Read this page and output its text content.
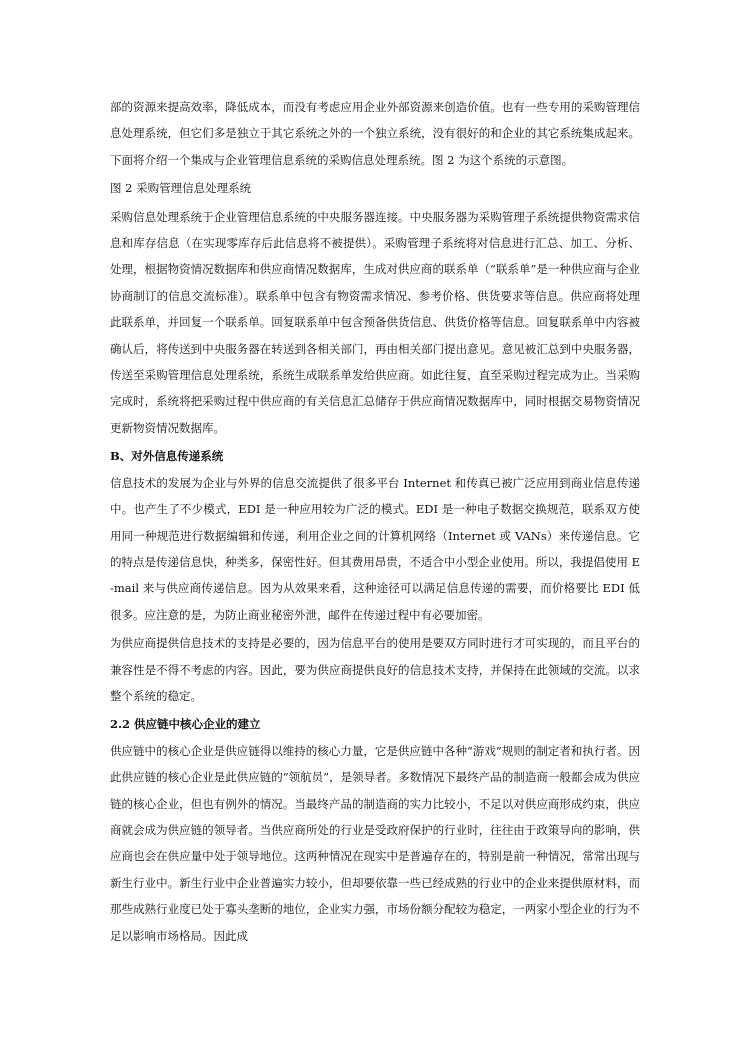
部的资源来提高效率，降低成本，而没有考虑应用企业外部资源来创造价值。也有一些专用的采购管理信息处理系统，但它们多是独立于其它系统之外的一个独立系统，没有很好的和企业的其它系统集成起来。下面将介绍一个集成与企业管理信息系统的采购信息处理系统。图 2 为这个系统的示意图。

图 2 采购管理信息处理系统

采购信息处理系统于企业管理信息系统的中央服务器连接。中央服务器为采购管理子系统提供物资需求信息和库存信息（在实现零库存后此信息将不被提供）。采购管理子系统将对信息进行汇总、加工、分析、处理，根据物资情况数据库和供应商情况数据库，生成对供应商的联系单（“联系单”是一种供应商与企业协商制订的信息交流标准）。联系单中包含有物资需求情况、参考价格、供货要求等信息。供应商将处理此联系单，并回复一个联系单。回复联系单中包含预备供货信息、供货价格等信息。回复联系单中内容被确认后，将传送到中央服务器在转送到各相关部门，再由相关部门提出意见。意见被汇总到中央服务器，传送至采购管理信息处理系统，系统生成联系单发给供应商。如此往复，直至采购过程完成为止。当采购完成时，系统将把采购过程中供应商的有关信息汇总储存于供应商情况数据库中，同时根据交易物资情况更新物资情况数据库。

B、对外信息传递系统

信息技术的发展为企业与外界的信息交流提供了很多平台 Internet 和传真已被广泛应用到商业信息传递中。也产生了不少模式，EDI 是一种应用较为广泛的模式。EDI 是一种电子数据交换规范，联系双方使用同一种规范进行数据编辑和传递，利用企业之间的计算机网络（Internet 或 VANs）来传递信息。它的特点是传递信息快，种类多，保密性好。但其费用昂贵，不适合中小型企业使用。所以，我提倡使用 E-mail 来与供应商传递信息。因为从效果来看，这种途径可以满足信息传递的需要，而价格要比 EDI 低很多。应注意的是，为防止商业秘密外泄，邮件在传递过程中有必要加密。

为供应商提供信息技术的支持是必要的，因为信息平台的使用是要双方同时进行才可实现的，而且平台的兼容性是不得不考虑的内容。因此，要为供应商提供良好的信息技术支持，并保持在此领域的交流。以求整个系统的稳定。

2.2 供应链中核心企业的建立

供应链中的核心企业是供应链得以维持的核心力量，它是供应链中各种“游戏”规则的制定者和执行者。因此供应链的核心企业是此供应链的“领航员”，是领导者。多数情况下最终产品的制造商一般都会成为供应链的核心企业，但也有例外的情况。当最终产品的制造商的实力比较小，不足以对供应商形成约束，供应商就会成为供应链的领导者。当供应商所处的行业是受政府保护的行业时，往往由于政策导向的影响，供应商也会在供应量中处于领导地位。这两种情况在现实中是普遍存在的，特别是前一种情况，常常出现与新生行业中。新生行业中企业普遍实力较小，但却要依靠一些已经成熟的行业中的企业来提供原材料，而那些成熟行业度已处于寡头垄断的地位，企业实力强，市场份额分配较为稳定，一两家小型企业的行为不足以影响市场格局。因此成
